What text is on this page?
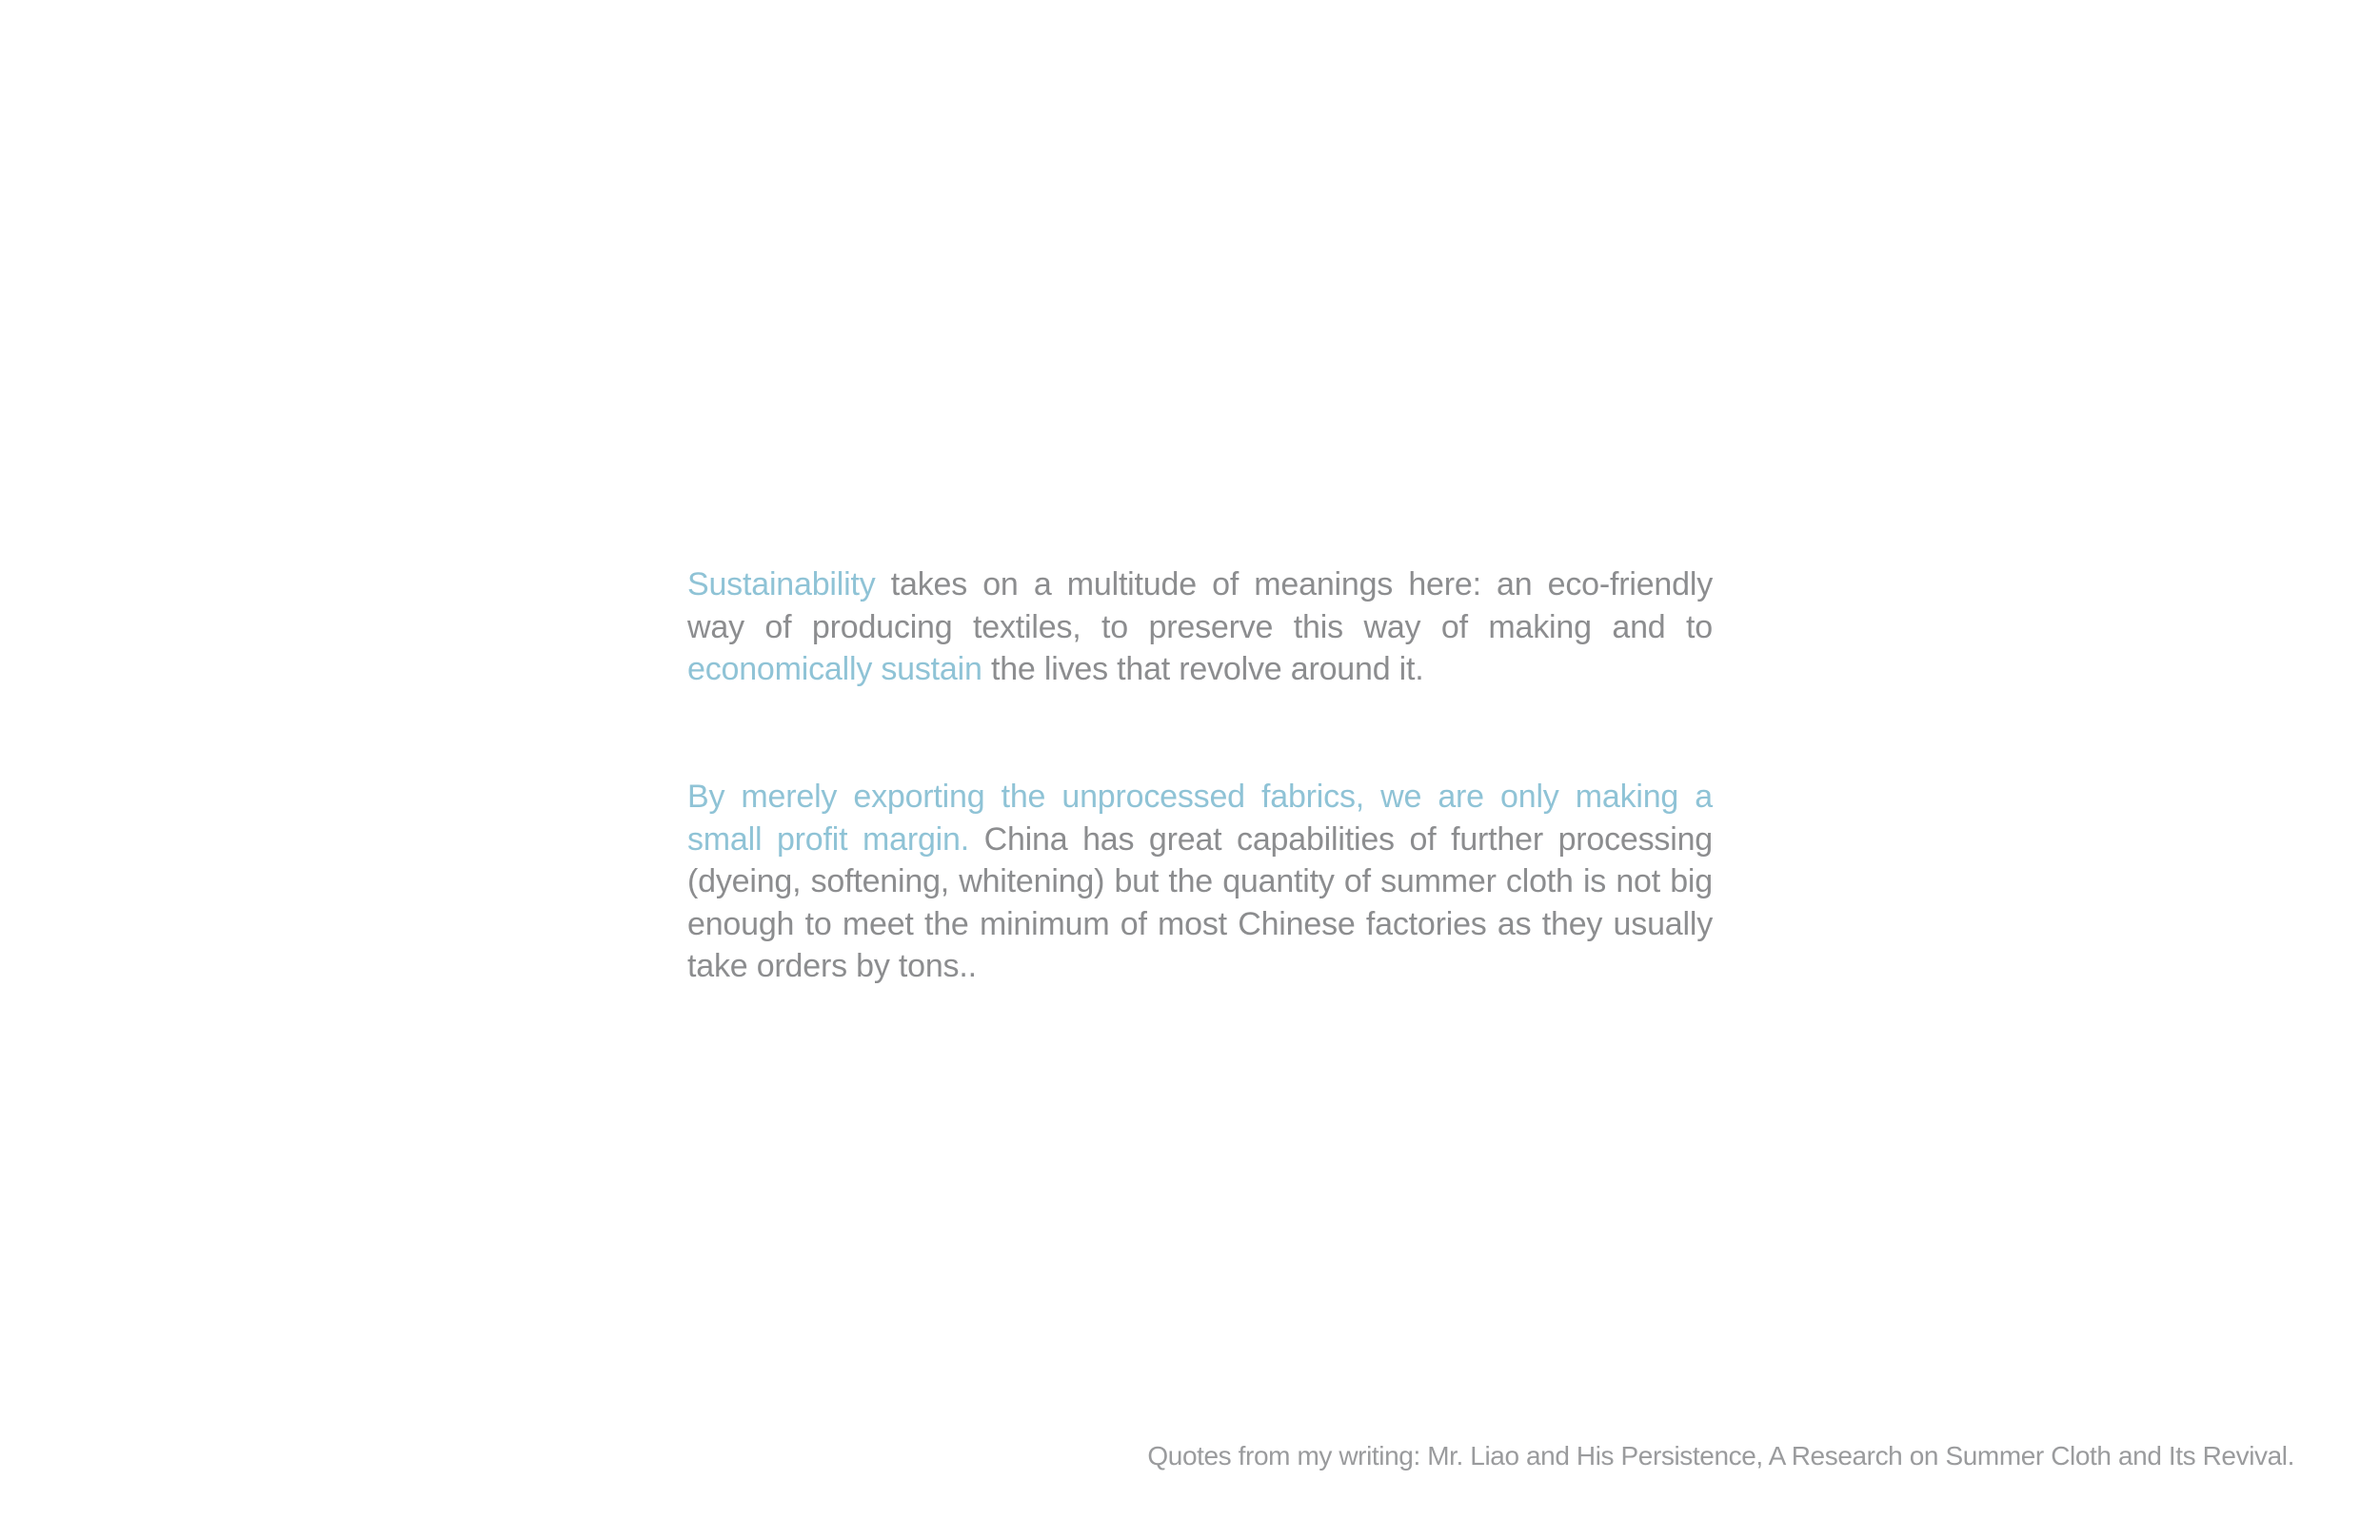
Sustainability takes on a multitude of meanings here: an eco-friendly way of producing textiles, to preserve this way of making and to economically sustain the lives that revolve around it.

By merely exporting the unprocessed fabrics, we are only making a small profit margin. China has great capabilities of further processing (dyeing, softening, whitening) but the quantity of summer cloth is not big enough to meet the minimum of most Chinese factories as they usually take orders by tons..

Quotes from my writing: Mr. Liao and His Persistence, A Research on Summer Cloth and Its Revival.
